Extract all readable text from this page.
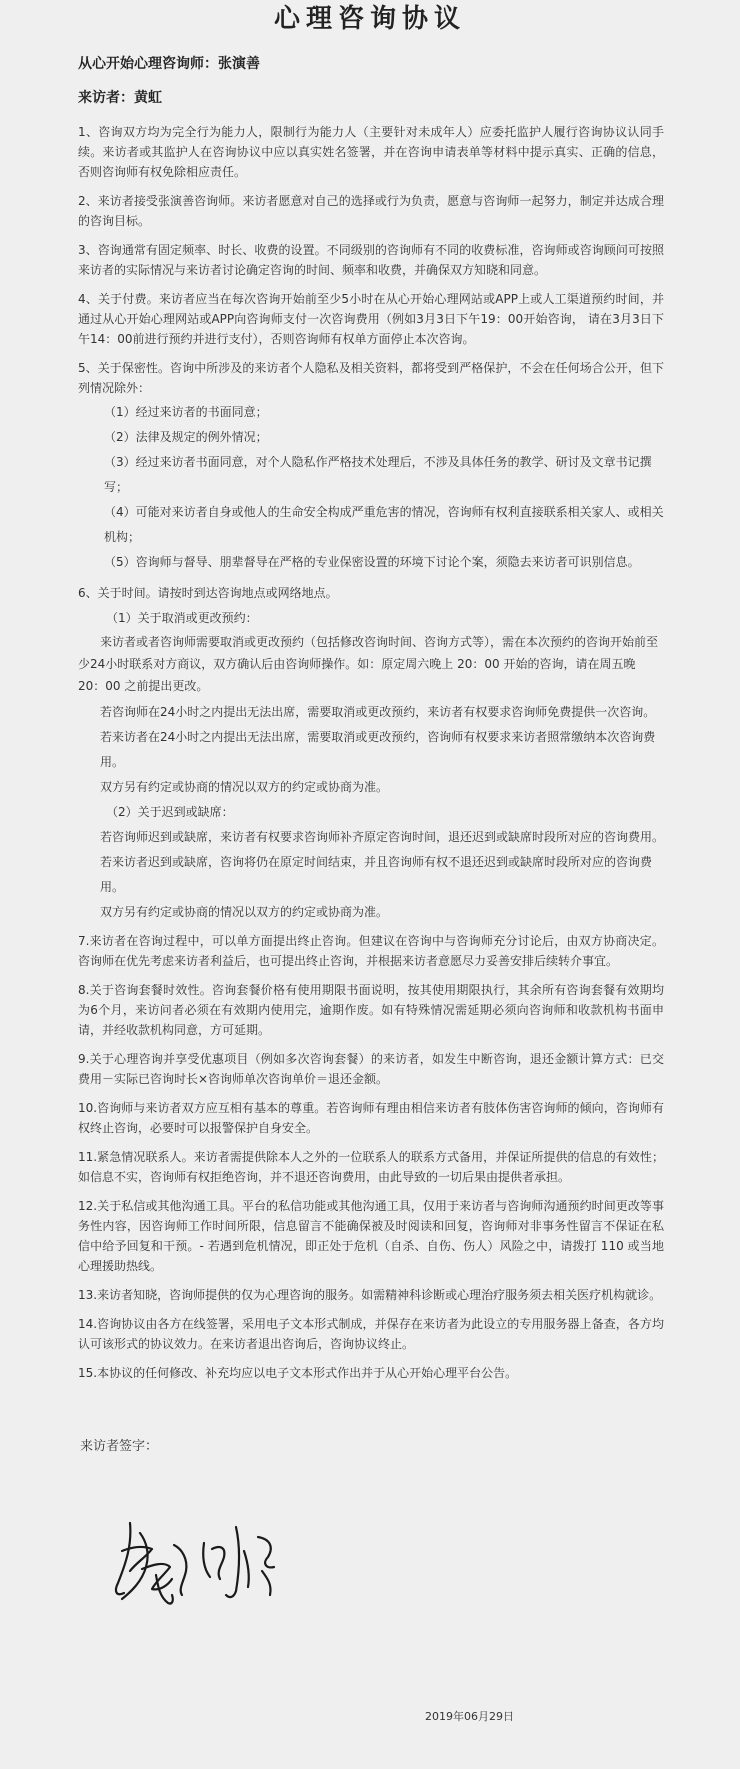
心理咨询协议

从心开始心理咨询师：张演善

来访者：黄虹

1、咨询双方均为完全行为能力人，限制行为能力人（主要针对未成年人）应委托监护人履行咨询协议认同手续。来访者或其监护人在咨询协议中应以真实姓名签署，并在咨询申请表单等材料中提示真实、正确的信息，否则咨询师有权免除相应责任。

2、来访者接受张演善咨询师。来访者愿意对自己的选择或行为负责，愿意与咨询师一起努力，制定并达成合理的咨询目标。

3、咨询通常有固定频率、时长、收费的设置。不同级别的咨询师有不同的收费标准，咨询师或咨询顾问可按照来访者的实际情况与来访者讨论确定咨询的时间、频率和收费，并确保双方知晓和同意。

4、关于付费。来访者应当在每次咨询开始前至少5小时在从心开始心理网站或APP上或人工渠道预约时间，并通过从心开始心理网站或APP向咨询师支付一次咨询费用（例如3月3日下午19：00开始咨询， 请在3月3日下午14：00前进行预约并进行支付），否则咨询师有权单方面停止本次咨询。

5、关于保密性。咨询中所涉及的来访者个人隐私及相关资料，都将受到严格保护，不会在任何场合公开，但下列情况除外：

（1）经过来访者的书面同意；
（2）法律及规定的例外情况；
（3）经过来访者书面同意，对个人隐私作严格技术处理后，不涉及具体任务的教学、研讨及文章书记撰写；
（4）可能对来访者自身或他人的生命安全构成严重危害的情况，咨询师有权利直接联系相关家人、或相关机构；
（5）咨询师与督导、朋辈督导在严格的专业保密设置的环境下讨论个案，须隐去来访者可识别信息。

6、关于时间。请按时到达咨询地点或网络地点。

（1）关于取消或更改预约：

来访者或者咨询师需要取消或更改预约（包括修改咨询时间、咨询方式等），需在本次预约的咨询开始前至少24小时联系对方商议，双方确认后由咨询师操作。如：原定周六晚上 20：00 开始的咨询，请在周五晚 20：00 之前提出更改。

若咨询师在24小时之内提出无法出席，需要取消或更改预约，来访者有权要求咨询师免费提供一次咨询。

若来访者在24小时之内提出无法出席，需要取消或更改预约，咨询师有权要求来访者照常缴纳本次咨询费用。

双方另有约定或协商的情况以双方的约定或协商为准。

（2）关于迟到或缺席：

若咨询师迟到或缺席，来访者有权要求咨询师补齐原定咨询时间，退还迟到或缺席时段所对应的咨询费用。

若来访者迟到或缺席，咨询将仍在原定时间结束，并且咨询师有权不退还迟到或缺席时段所对应的咨询费用。

双方另有约定或协商的情况以双方的约定或协商为准。

7.来访者在咨询过程中，可以单方面提出终止咨询。但建议在咨询中与咨询师充分讨论后，由双方协商决定。咨询师在优先考虑来访者利益后，也可提出终止咨询，并根据来访者意愿尽力妥善安排后续转介事宜。

8.关于咨询套餐时效性。咨询套餐价格有使用期限书面说明，按其使用期限执行，其余所有咨询套餐有效期均为6个月，来访问者必须在有效期内使用完，逾期作废。如有特殊情况需延期必须向咨询师和收款机构书面申请，并经收款机构同意，方可延期。

9.关于心理咨询并享受优惠项目（例如多次咨询套餐）的来访者，如发生中断咨询，退还金额计算方式：已交费用－实际已咨询时长×咨询师单次咨询单价＝退还金额。

10.咨询师与来访者双方应互相有基本的尊重。若咨询师有理由相信来访者有肢体伤害咨询师的倾向，咨询师有权终止咨询，必要时可以报警保护自身安全。

11.紧急情况联系人。来访者需提供除本人之外的一位联系人的联系方式备用，并保证所提供的信息的有效性；如信息不实，咨询师有权拒绝咨询，并不退还咨询费用，由此导致的一切后果由提供者承担。

12.关于私信或其他沟通工具。平台的私信功能或其他沟通工具，仅用于来访者与咨询师沟通预约时间更改等事务性内容，因咨询师工作时间所限，信息留言不能确保被及时阅读和回复，咨询师对非事务性留言不保证在私信中给予回复和干预。- 若遇到危机情况，即正处于危机（自杀、自伤、伤人）风险之中，请拨打 110 或当地心理援助热线。

13.来访者知晓，咨询师提供的仅为心理咨询的服务。如需精神科诊断或心理治疗服务须去相关医疗机构就诊。

14.咨询协议由各方在线签署，采用电子文本形式制成，并保存在来访者为此设立的专用服务器上备查，各方均认可该形式的协议效力。在来访者退出咨询后，咨询协议终止。

15.本协议的任何修改、补充均应以电子文本形式作出并于从心开始心理平台公告。

来访者签字：

2019年06月29日
